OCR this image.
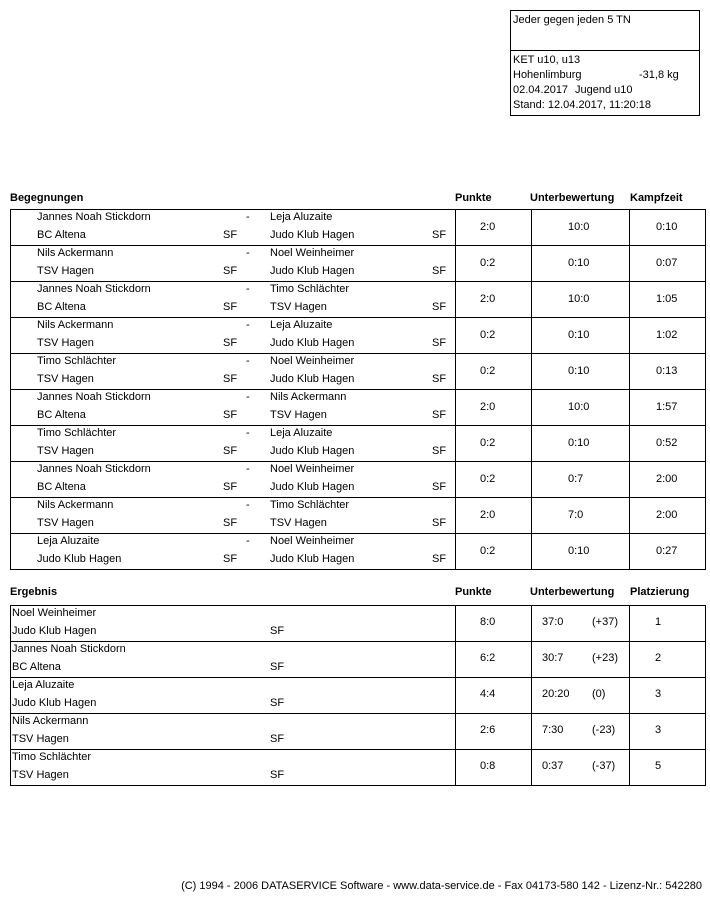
Jeder gegen jeden 5 TN
KET u10, u13
Hohenlimburg	-31,8 kg
02.04.2017 Jugend u10
Stand: 12.04.2017, 11:20:18
Begegnungen	Punkte	Unterbewertung Kampfzeit
Jannes Noah Stickdorn
BC Altena	SF
- Leja Aluzaite
Judo Klub Hagen	SF
2:0	10:0	0:10
Nils Ackermann
TSV Hagen	SF
- Noel Weinheimer
Judo Klub Hagen	SF
0:2	0:10	0:07
Jannes Noah Stickdorn
BC Altena	SF
- Timo Schlächter
TSV Hagen	SF
2:0	10:0	1:05
Nils Ackermann
TSV Hagen	SF
- Leja Aluzaite
Judo Klub Hagen	SF
0:2	0:10	1:02
Timo Schlächter
TSV Hagen	SF
- Noel Weinheimer
Judo Klub Hagen	SF
0:2	0:10	0:13
Jannes Noah Stickdorn
BC Altena	SF
- Nils Ackermann
TSV Hagen	SF
2:0	10:0	1:57
Timo Schlächter
TSV Hagen	SF
- Leja Aluzaite
Judo Klub Hagen	SF
0:2	0:10	0:52
Jannes Noah Stickdorn
BC Altena	SF
- Noel Weinheimer
Judo Klub Hagen	SF
0:2	0:7	2:00
Nils Ackermann
TSV Hagen	SF
- Timo Schlächter
TSV Hagen	SF
2:0	7:0	2:00
Leja Aluzaite
Judo Klub Hagen	SF
- Noel Weinheimer
Judo Klub Hagen	SF
0:2	0:10	0:27
Ergebnis	Punkte	Unterbewertung Platzierung
Noel Weinheimer
Judo Klub Hagen	SF
8:0	37:0	(+37)	1
Jannes Noah Stickdorn
BC Altena	SF
6:2	30:7	(+23)	2
Leja Aluzaite
Judo Klub Hagen	SF
4:4	20:20 (0)	3
Nils Ackermann
TSV Hagen	SF
2:6	7:30	(-23)	3
Timo Schlächter
TSV Hagen	SF
0:8	0:37	(-37)	5
(C) 1994 - 2006 DATASERVICE Software - www.data-service.de - Fax 04173-580 142 - Lizenz-Nr.: 542280
